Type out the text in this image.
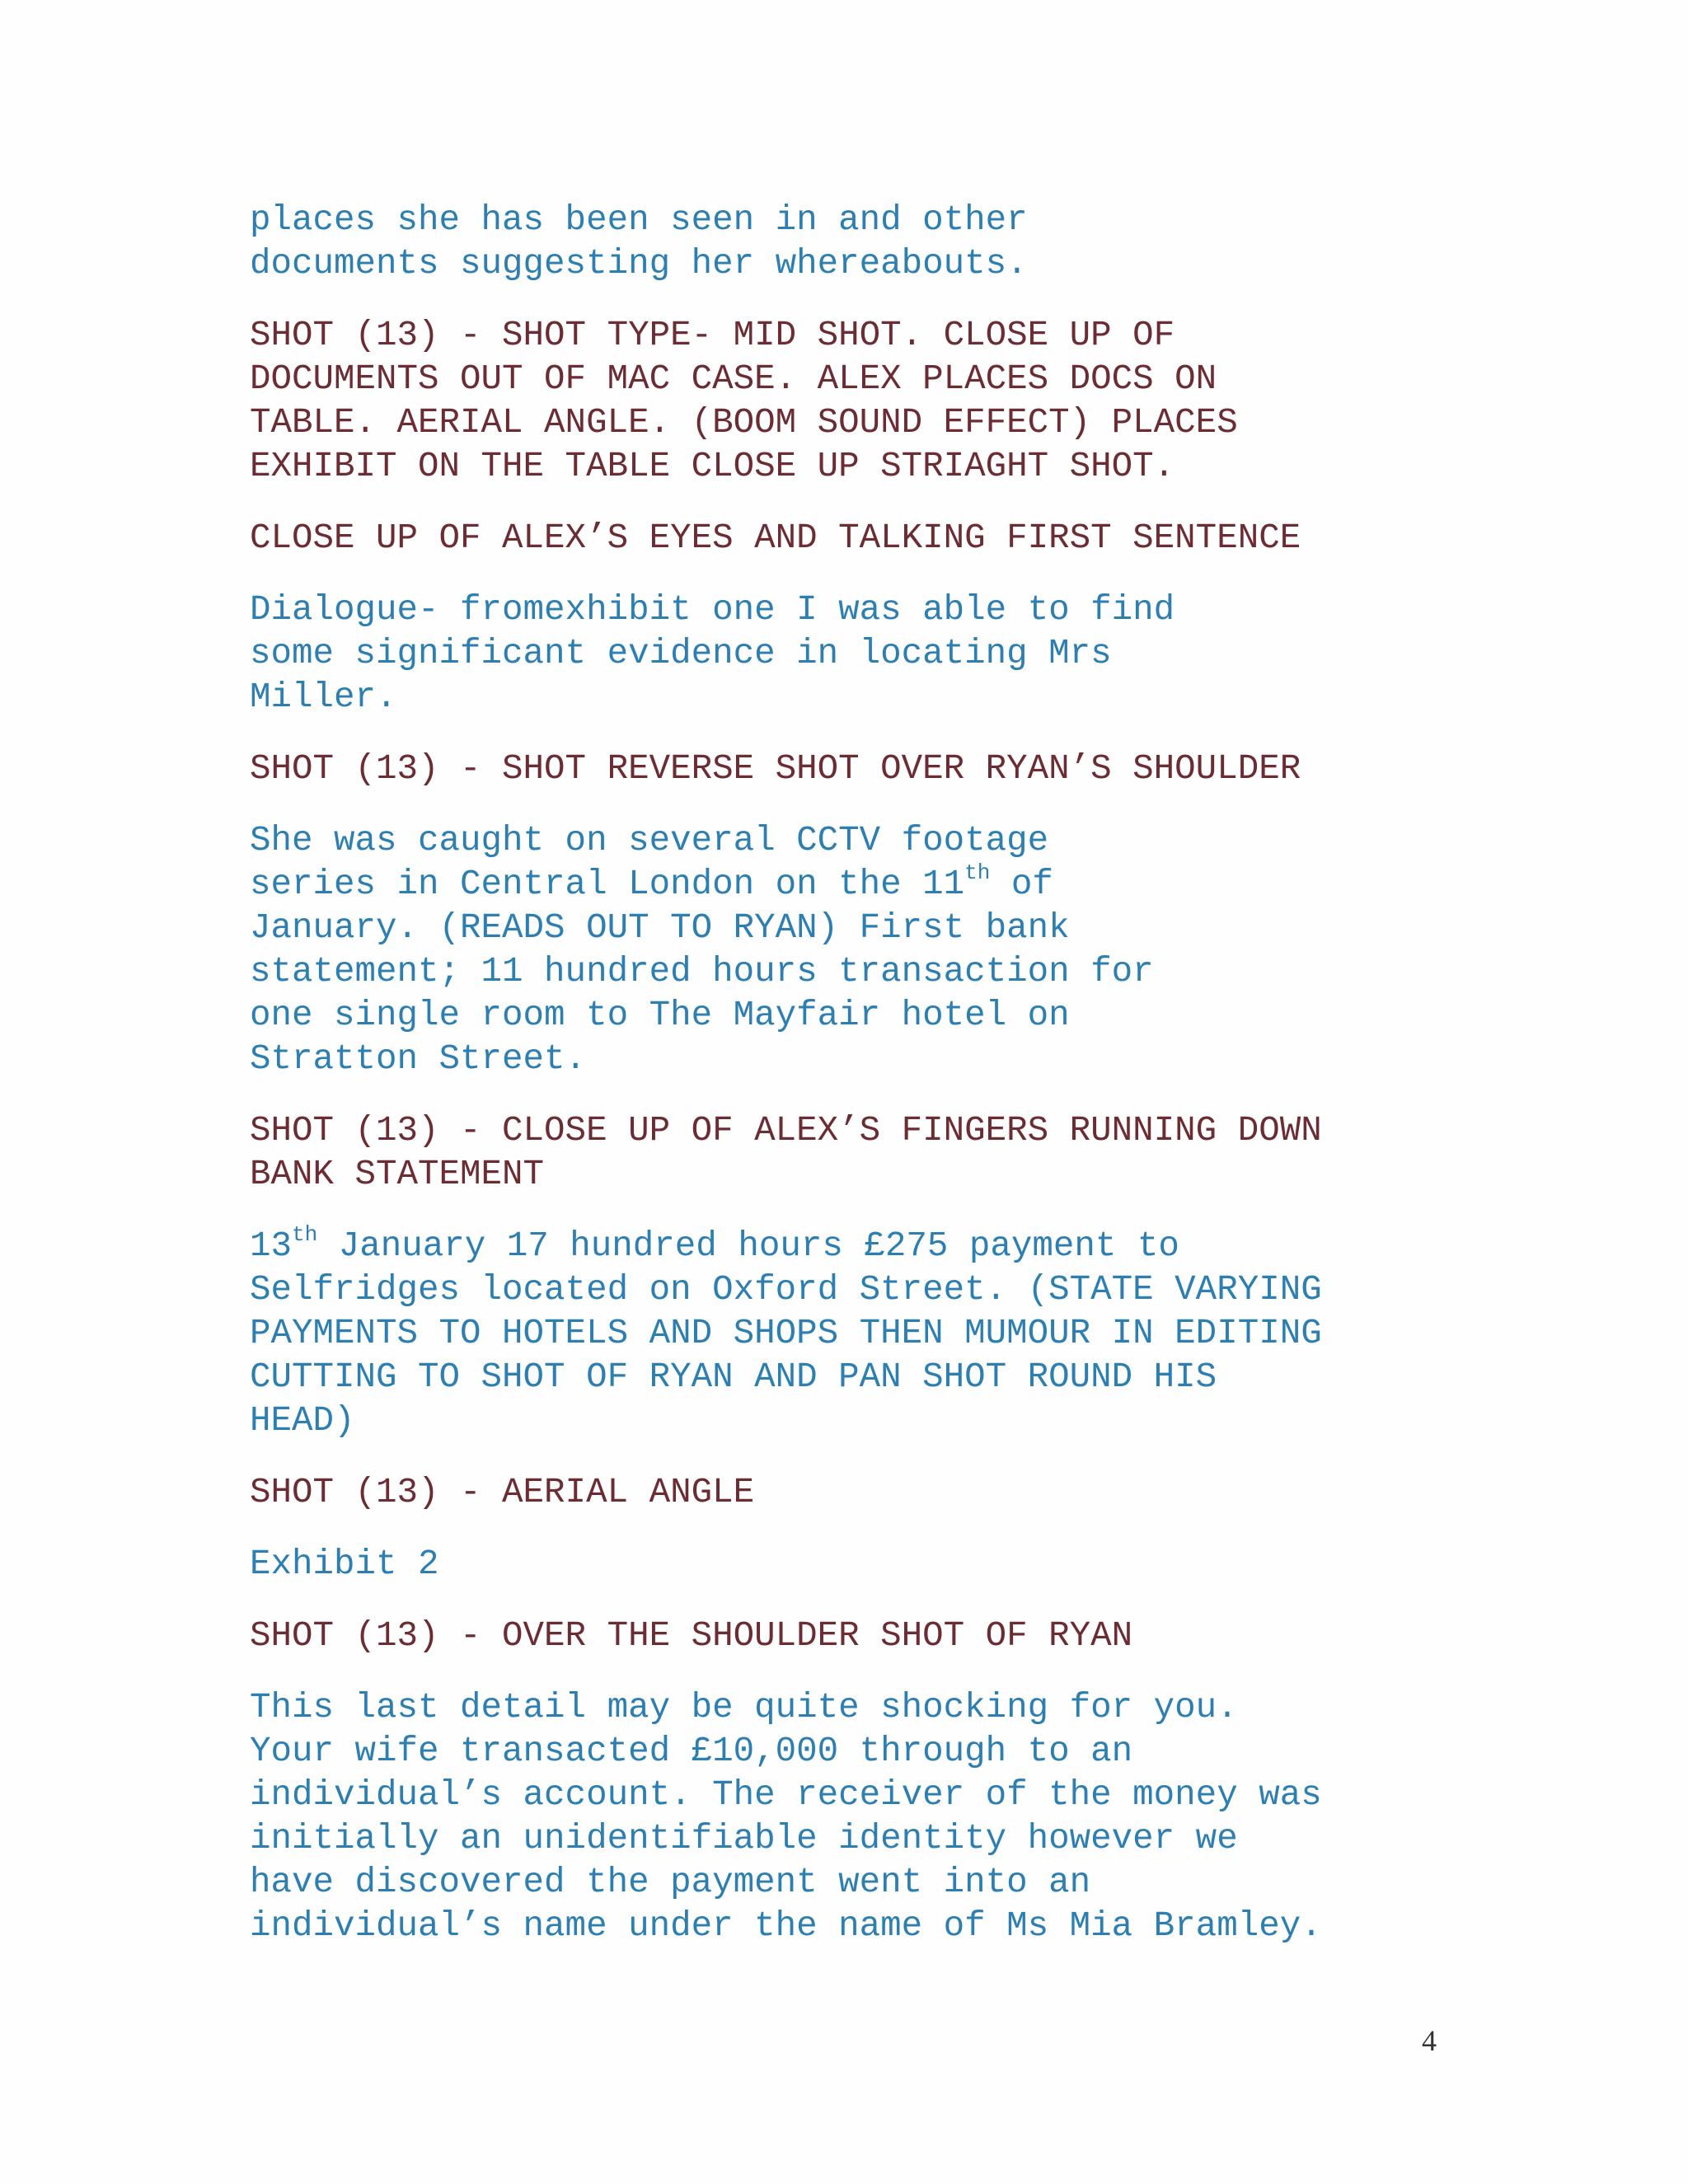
places she has been seen in and other
documents suggesting her whereabouts.
SHOT (13) - SHOT TYPE- MID SHOT. CLOSE UP OF
DOCUMENTS OUT OF MAC CASE. ALEX PLACES DOCS ON
TABLE. AERIAL ANGLE. (BOOM SOUND EFFECT) PLACES
EXHIBIT ON THE TABLE CLOSE UP STRIAGHT SHOT.
CLOSE UP OF ALEX’S EYES AND TALKING FIRST SENTENCE
Dialogue- fromexhibit one I was able to find
some significant evidence in locating Mrs
Miller.
SHOT (13) - SHOT REVERSE SHOT OVER RYAN’S SHOULDER
She was caught on several CCTV footage
series in Central London on the 11th of
January. (READS OUT TO RYAN) First bank
statement; 11 hundred hours transaction for
one single room to The Mayfair hotel on
Stratton Street.
SHOT (13) - CLOSE UP OF ALEX’S FINGERS RUNNING DOWN
BANK STATEMENT
13th January 17 hundred hours £275 payment to
Selfridges located on Oxford Street. (STATE VARYING
PAYMENTS TO HOTELS AND SHOPS THEN MUMOUR IN EDITING
CUTTING TO SHOT OF RYAN AND PAN SHOT ROUND HIS
HEAD)
SHOT (13) - AERIAL ANGLE
Exhibit 2
SHOT (13) - OVER THE SHOULDER SHOT OF RYAN
This last detail may be quite shocking for you.
Your wife transacted £10,000 through to an
individual’s account. The receiver of the money was
initially an unidentifiable identity however we
have discovered the payment went into an
individual’s name under the name of Ms Mia Bramley.
4
